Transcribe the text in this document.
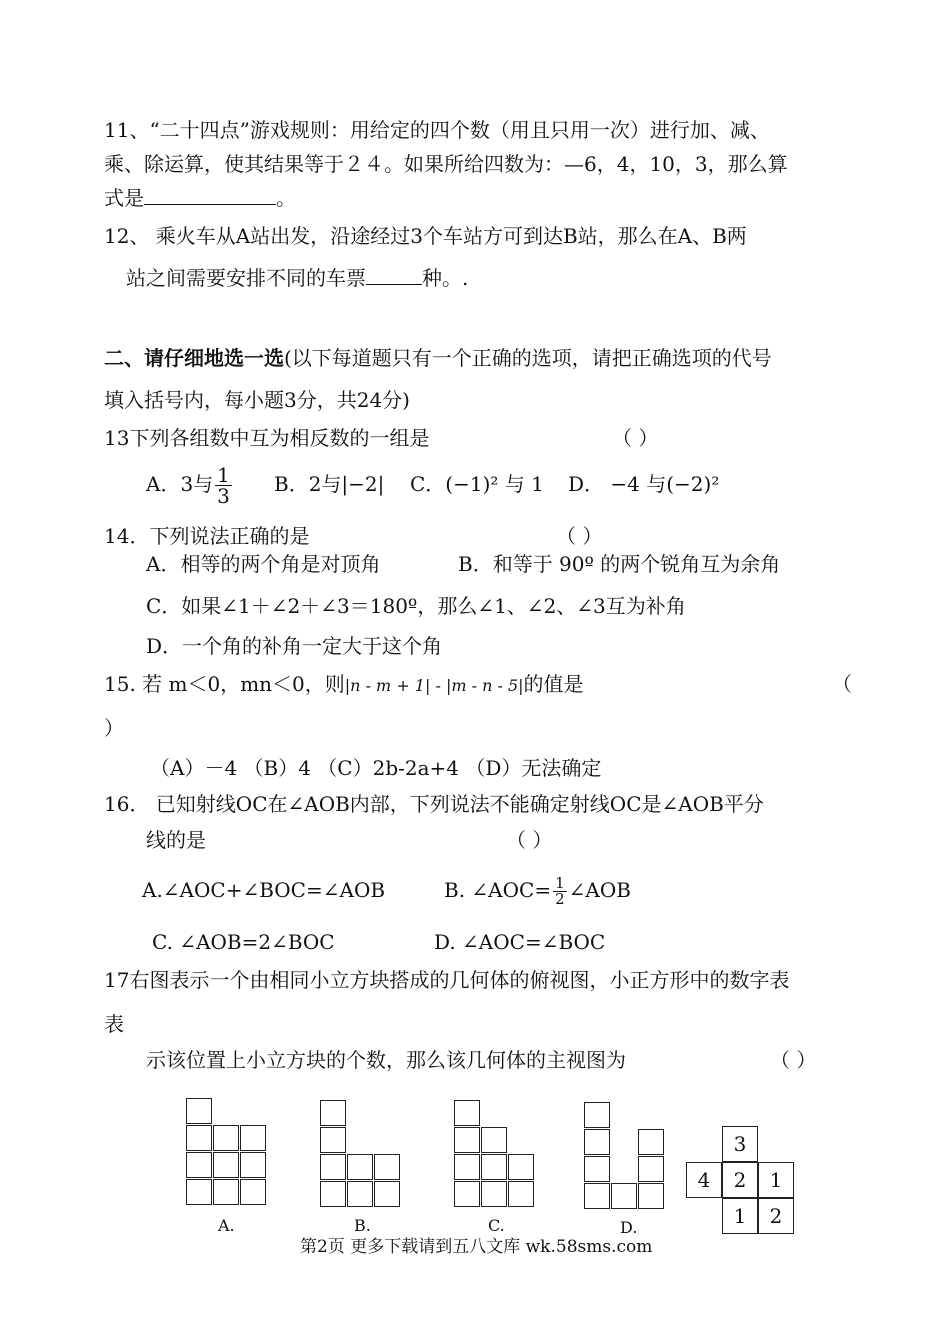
11、“二十四点”游戏规则：用给定的四个数（用且只用一次）进行加、减、
乘、除运算，使其结果等于２４。如果所给四数为：—6，4，10，3，那么算
式是	。
12、 乘火车从A站出发，沿途经过3个车站方可到达B站，那么在A、B两
站之间需要安排不同的车票	种。.
二、请仔细地选一选(以下每道题只有一个正确的选项，请把正确选项的代号
填入括号内，每小题3分，共24分)
13下列各组数中互为相反数的一组是	（ ）
A．3与 $\frac{1}{3}$ B．2与|−2| C．(−1)² 与 1 D． −4 与(−2)²
14．下列说法正确的是	（ ）
A．相等的两个角是对顶角	B．和等于 90º 的两个锐角互为余角
C．如果∠1＋∠2＋∠3＝180º，那么∠1、∠2、∠3互为补角
D．一个角的补角一定大于这个角
15. 若 m＜0，mn＜0，则|n - m + 1| - |m - n - 5|的值是	（
）
（A）－4 （B）4 （C）2b-2a+4 （D）无法确定
16． 已知射线OC在∠AOB内部，下列说法不能确定射线OC是∠AOB平分
线的是	（ ）
A.∠AOC+∠BOC=∠AOB	B. ∠AOC= $\frac{1}{2}$ ∠AOB
C. ∠AOB=2∠BOC	D. ∠AOC=∠BOC
17右图表示一个由相同小立方块搭成的几何体的俯视图，小正方形中的数字表
表
示该位置上小立方块的个数，那么该几何体的主视图为	（ ）
A.	B.	C.	D.
3
4	2	1
1	2
第2页 更多下载请到五八文库 wk.58sms.com
